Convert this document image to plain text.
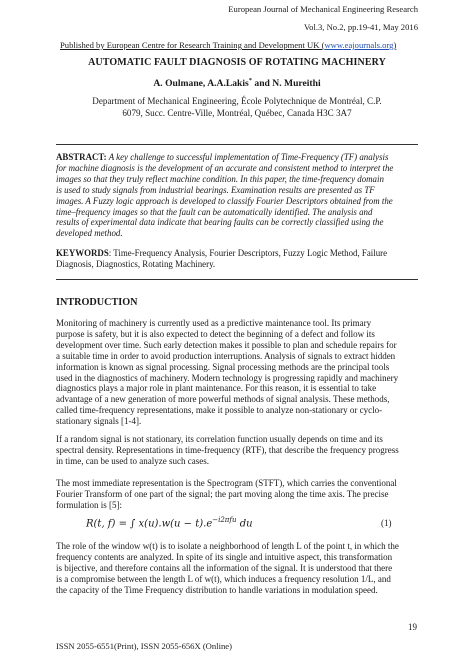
European Journal of Mechanical Engineering Research
Vol.3, No.2, pp.19-41, May 2016
Published by European Centre for Research Training and Development UK (www.eajournals.org)
AUTOMATIC FAULT DIAGNOSIS OF ROTATING MACHINERY
A. Oulmane, A.A.Lakis* and N. Mureithi
Department of Mechanical Engineering, École Polytechnique de Montréal, C.P.
6079, Succ. Centre-Ville, Montréal, Québec, Canada H3C 3A7
ABSTRACT: A key challenge to successful implementation of Time-Frequency (TF) analysis
for machine diagnosis is the development of an accurate and consistent method to interpret the
images so that they truly reflect machine condition. In this paper, the time-frequency domain
is used to study signals from industrial bearings. Examination results are presented as TF
images. A Fuzzy logic approach is developed to classify Fourier Descriptors obtained from the
time–frequency images so that the fault can be automatically identified. The analysis and
results of experimental data indicate that bearing faults can be correctly classified using the
developed method.
KEYWORDS: Time-Frequency Analysis, Fourier Descriptors, Fuzzy Logic Method, Failure
Diagnosis, Diagnostics, Rotating Machinery.
INTRODUCTION
Monitoring of machinery is currently used as a predictive maintenance tool. Its primary
purpose is safety, but it is also expected to detect the beginning of a defect and follow its
development over time. Such early detection makes it possible to plan and schedule repairs for
a suitable time in order to avoid production interruptions. Analysis of signals to extract hidden
information is known as signal processing. Signal processing methods are the principal tools
used in the diagnostics of machinery. Modern technology is progressing rapidly and machinery
diagnostics plays a major role in plant maintenance. For this reason, it is essential to take
advantage of a new generation of more powerful methods of signal analysis. These methods,
called time-frequency representations, make it possible to analyze non-stationary or cyclo-
stationary signals [1-4].
If a random signal is not stationary, its correlation function usually depends on time and its
spectral density. Representations in time-frequency (RTF), that describe the frequency progress
in time, can be used to analyze such cases.
The most immediate representation is the Spectrogram (STFT), which carries the conventional
Fourier Transform of one part of the signal; the part moving along the time axis. The precise
formulation is [5]:
R(t, f) = ∫ $x(u).w(u - t).e^{-i2\pi fu}$ du	(1)
The role of the window w(t) is to isolate a neighborhood of length L of the point t, in which the
frequency contents are analyzed. In spite of its single and intuitive aspect, this transformation
is bijective, and therefore contains all the information of the signal. It is understood that there
is a compromise between the length L of w(t), which induces a frequency resolution 1/L, and
the capacity of the Time Frequency distribution to handle variations in modulation speed.
19
ISSN 2055-6551(Print), ISSN 2055-656X (Online)
